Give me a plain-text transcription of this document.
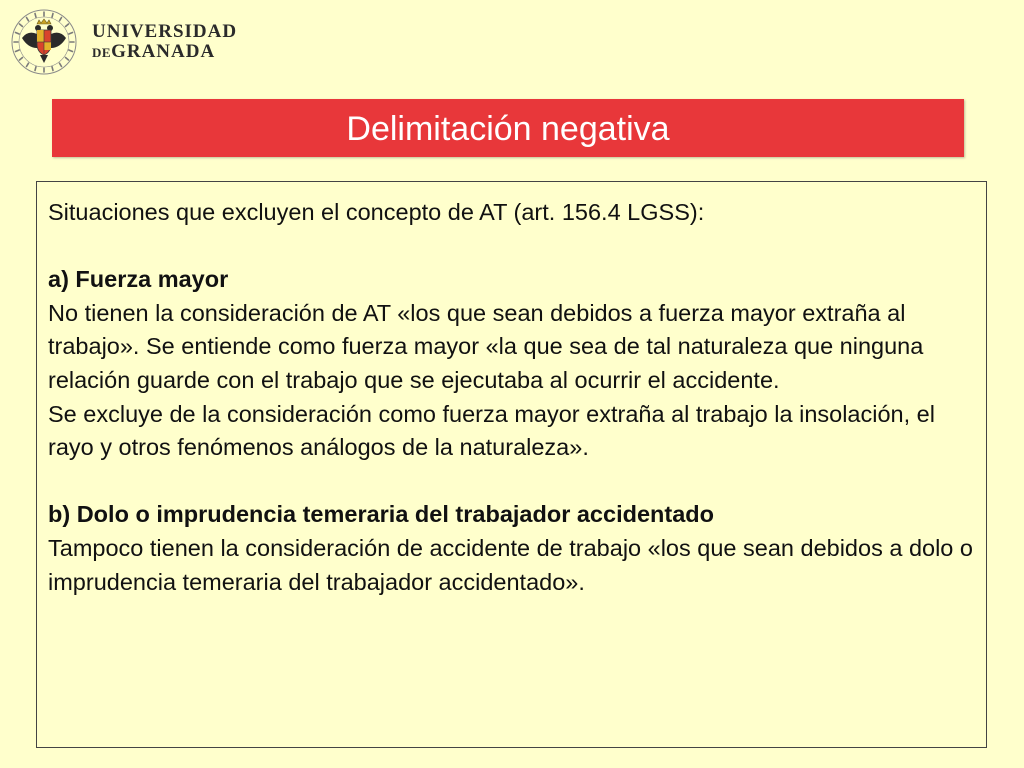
UNIVERSIDAD
DEGRANADA
Delimitación negativa

Situaciones que excluyen el concepto de AT (art. 156.4 LGSS):

a) Fuerza mayor

No tienen la consideración de AT «los que sean debidos a fuerza mayor extraña al trabajo». Se entiende como fuerza mayor «la que sea de tal naturaleza que ninguna relación guarde con el trabajo que se ejecutaba al ocurrir el accidente.

Se excluye de la consideración como fuerza mayor extraña al trabajo la insolación, el rayo y otros fenómenos análogos de la naturaleza».

b) Dolo o imprudencia temeraria del trabajador accidentado

Tampoco tienen la consideración de accidente de trabajo «los que sean debidos a dolo o imprudencia temeraria del trabajador accidentado».
